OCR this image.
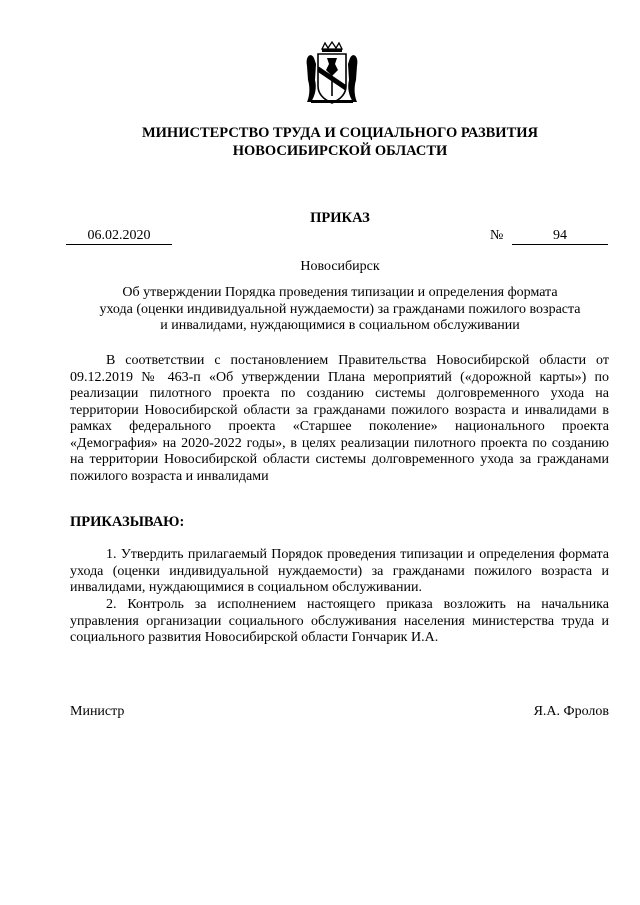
МИНИСТЕРСТВО ТРУДА И СОЦИАЛЬНОГО РАЗВИТИЯ
НОВОСИБИРСКОЙ ОБЛАСТИ
ПРИКАЗ
06.02.2020	№	94
Новосибирск
Об утверждении Порядка проведения типизации и определения формата
ухода (оценки индивидуальной нуждаемости) за гражданами пожилого возраста
и инвалидами, нуждающимися в социальном обслуживании

В соответствии с постановлением Правительства Новосибирской области от 09.12.2019 № 463-п «Об утверждении Плана мероприятий («дорожной карты») по реализации пилотного проекта по созданию системы долговременного ухода на территории Новосибирской области за гражданами пожилого возраста и инвалидами в рамках федерального проекта «Старшее поколение» национального проекта «Демография» на 2020-2022 годы», в целях реализации пилотного проекта по созданию на территории Новосибирской области системы долговременного ухода за гражданами пожилого возраста и инвалидами

ПРИКАЗЫВАЮ:

1. Утвердить прилагаемый Порядок проведения типизации и определения формата ухода (оценки индивидуальной нуждаемости) за гражданами пожилого возраста и инвалидами, нуждающимися в социальном обслуживании.

2. Контроль за исполнением настоящего приказа возложить на начальника управления организации социального обслуживания населения министерства труда и социального развития Новосибирской области Гончарик И.А.

Министр	Я.А. Фролов
